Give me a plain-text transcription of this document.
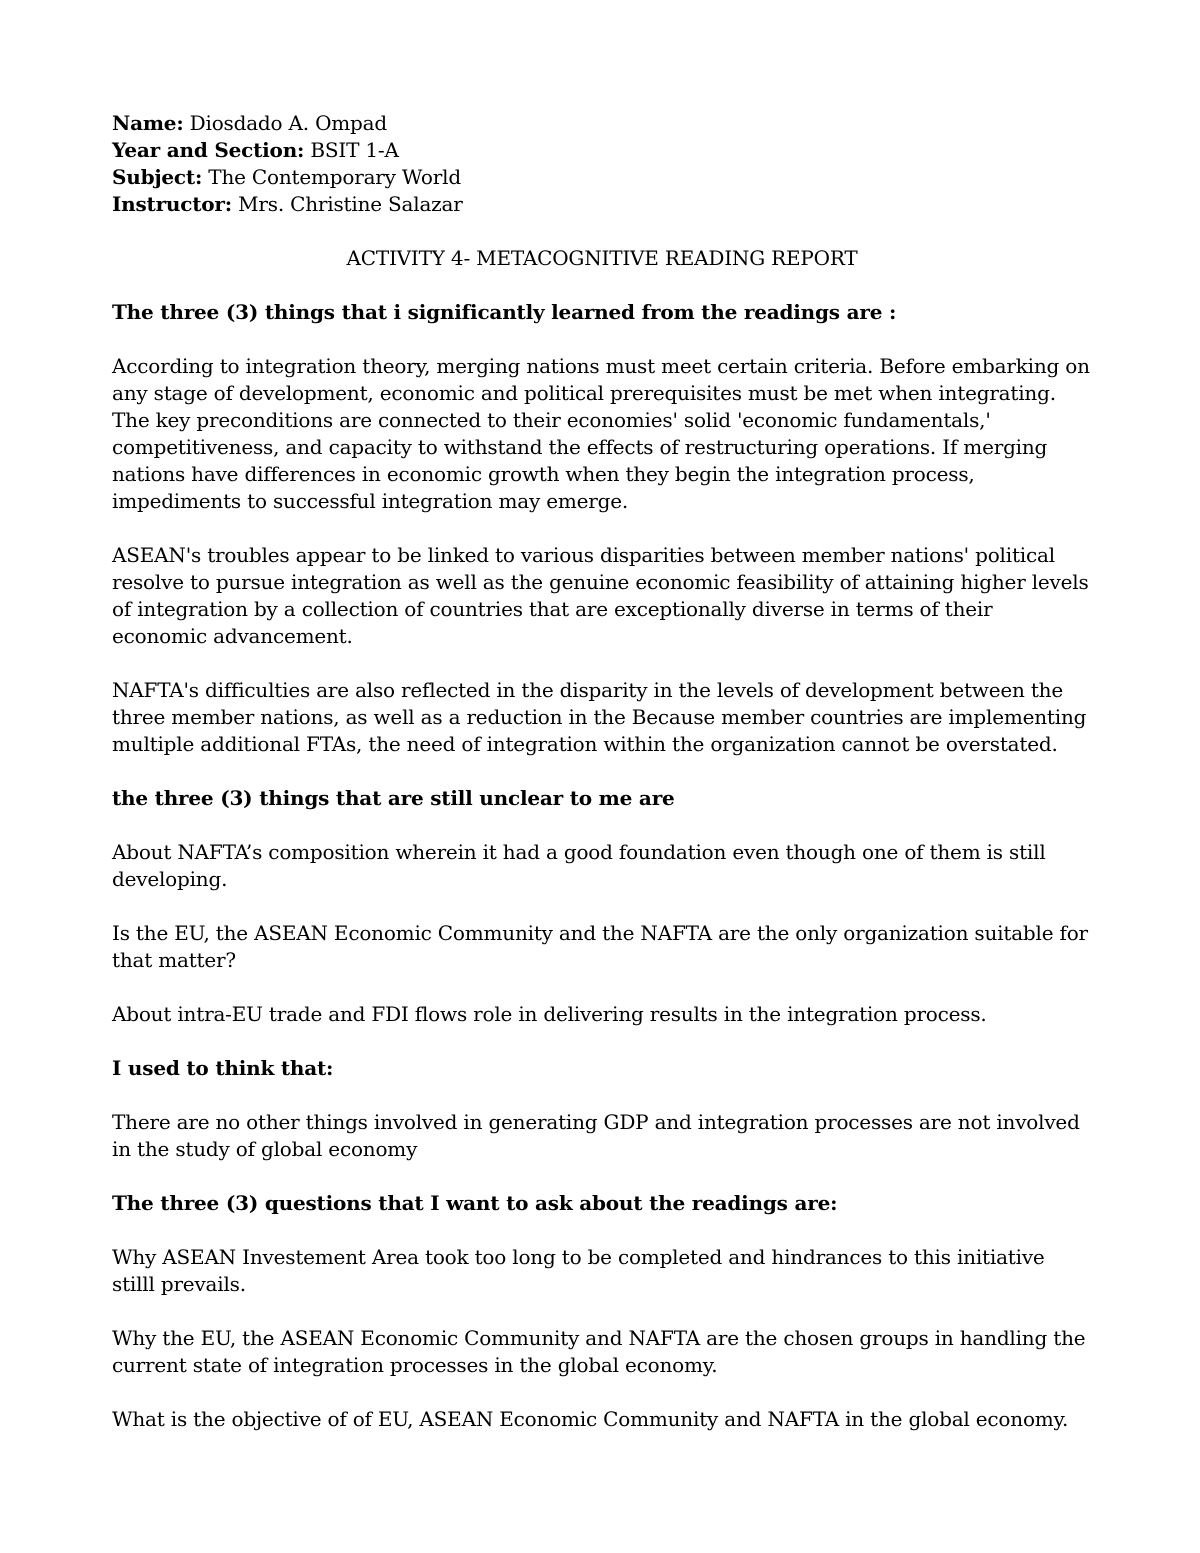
Name: Diosdado A. Ompad

Year and Section: BSIT 1-A

Subject: The Contemporary World

Instructor: Mrs. Christine Salazar

ACTIVITY 4- METACOGNITIVE READING REPORT

The three (3) things that i significantly learned from the readings are :

According to integration theory, merging nations must meet certain criteria. Before embarking on any stage of development, economic and political prerequisites must be met when integrating. The key preconditions are connected to their economies' solid 'economic fundamentals,' competitiveness, and capacity to withstand the effects of restructuring operations. If merging nations have differences in economic growth when they begin the integration process, impediments to successful integration may emerge.

ASEAN's troubles appear to be linked to various disparities between member nations' political resolve to pursue integration as well as the genuine economic feasibility of attaining higher levels of integration by a collection of countries that are exceptionally diverse in terms of their economic advancement.

NAFTA's difficulties are also reflected in the disparity in the levels of development between the three member nations, as well as a reduction in the Because member countries are implementing multiple additional FTAs, the need of integration within the organization cannot be overstated.

the three (3) things that are still unclear to me are

About NAFTA’s composition wherein it had a good foundation even though one of them is still developing.

Is the EU, the ASEAN Economic Community and the NAFTA are the only organization suitable for that matter?

About intra-EU trade and FDI flows role in delivering results in the integration process.

I used to think that:

There are no other things involved in generating GDP and integration processes are not involved in the study of global economy

The three (3) questions that I want to ask about the readings are:

Why ASEAN Investement Area took too long to be completed and hindrances to this initiative stilll prevails.

Why the EU, the ASEAN Economic Community and NAFTA are the chosen groups in handling the current state of integration processes in the global economy.

What is the objective of of EU, ASEAN Economic Community and NAFTA in the global economy.
